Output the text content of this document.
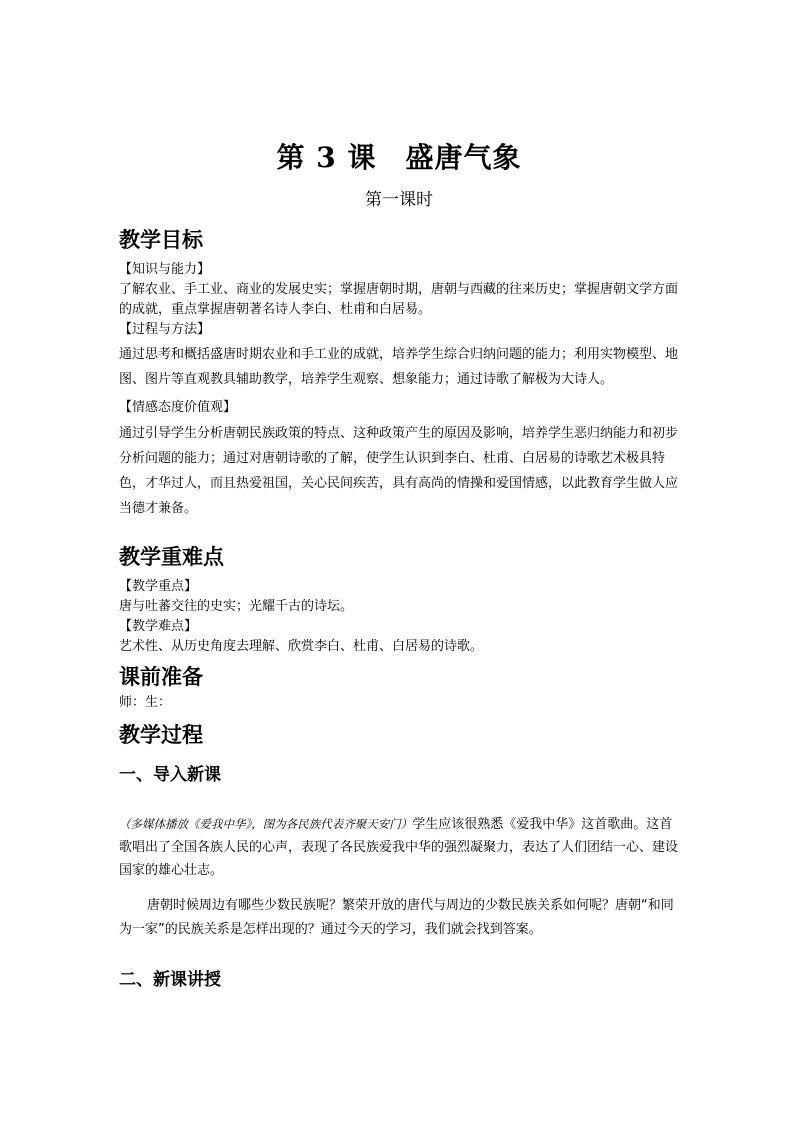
第 3 课　盛唐气象
第一课时
教学目标
【知识与能力】
了解农业、手工业、商业的发展史实；掌握唐朝时期，唐朝与西藏的往来历史；掌握唐朝文学方面的成就，重点掌握唐朝著名诗人李白、杜甫和白居易。
【过程与方法】
通过思考和概括盛唐时期农业和手工业的成就，培养学生综合归纳问题的能力；利用实物模型、地图、图片等直观教具辅助教学，培养学生观察、想象能力；通过诗歌了解极为大诗人。
【情感态度价值观】
通过引导学生分析唐朝民族政策的特点、这种政策产生的原因及影响，培养学生恶归纳能力和初步分析问题的能力；通过对唐朝诗歌的了解，使学生认识到李白、杜甫、白居易的诗歌艺术极具特色，才华过人，而且热爱祖国，关心民间疾苦，具有高尚的情操和爱国情感，以此教育学生做人应当德才兼备。
教学重难点
【教学重点】
唐与吐蕃交往的史实；光耀千古的诗坛。
【教学难点】
艺术性、从历史角度去理解、欣赏李白、杜甫、白居易的诗歌。
课前准备
师：生：
教学过程
一、导入新课
（多媒体播放《爱我中华》，图为各民族代表齐聚天安门）学生应该很熟悉《爱我中华》这首歌曲。这首歌唱出了全国各族人民的心声，表现了各民族爱我中华的强烈凝聚力，表达了人们团结一心、建设国家的雄心壮志。
唐朝时候周边有哪些少数民族呢？繁荣开放的唐代与周边的少数民族关系如何呢？唐朝“和同为一家”的民族关系是怎样出现的？通过今天的学习，我们就会找到答案。
二、新课讲授
